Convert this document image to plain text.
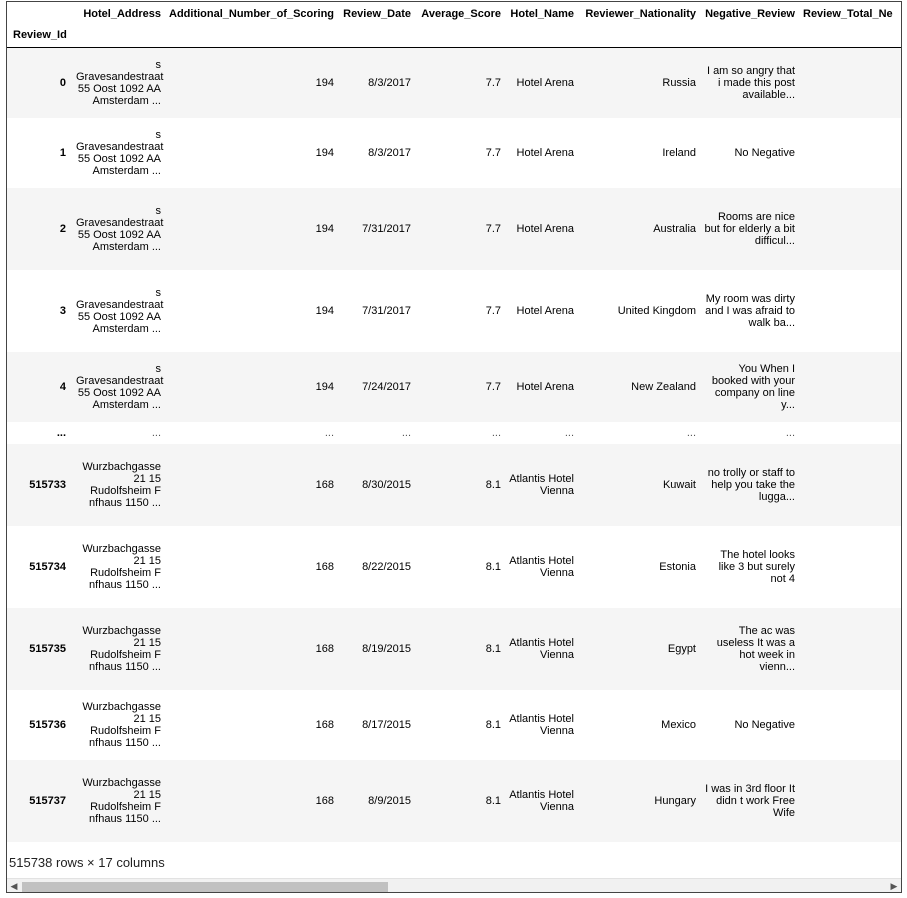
	Hotel_Address	Additional_Number_of_Scoring	Review_Date	Average_Score	Hotel_Name	Reviewer_Nationality	Negative_Review	Review_Total_Ne
Review_Id								
0	s Gravesandestraat 55 Oost 1092 AA Amsterdam ...	194	8/3/2017	7.7	Hotel Arena	Russia	I am so angry that i made this post available...	
1	s Gravesandestraat 55 Oost 1092 AA Amsterdam ...	194	8/3/2017	7.7	Hotel Arena	Ireland	No Negative	
2	s Gravesandestraat 55 Oost 1092 AA Amsterdam ...	194	7/31/2017	7.7	Hotel Arena	Australia	Rooms are nice but for elderly a bit difficul...	
3	s Gravesandestraat 55 Oost 1092 AA Amsterdam ...	194	7/31/2017	7.7	Hotel Arena	United Kingdom	My room was dirty and I was afraid to walk ba...	
4	s Gravesandestraat 55 Oost 1092 AA Amsterdam ...	194	7/24/2017	7.7	Hotel Arena	New Zealand	You When I booked with your company on line y...	
...	...	...	...	...	...	...	...	
515733	Wurzbachgasse 21 15 Rudolfsheim F nfhaus 1150 ...	168	8/30/2015	8.1	Atlantis Hotel Vienna	Kuwait	no trolly or staff to help you take the lugga...	
515734	Wurzbachgasse 21 15 Rudolfsheim F nfhaus 1150 ...	168	8/22/2015	8.1	Atlantis Hotel Vienna	Estonia	The hotel looks like 3 but surely not 4	
515735	Wurzbachgasse 21 15 Rudolfsheim F nfhaus 1150 ...	168	8/19/2015	8.1	Atlantis Hotel Vienna	Egypt	The ac was useless It was a hot week in vienn...	
515736	Wurzbachgasse 21 15 Rudolfsheim F nfhaus 1150 ...	168	8/17/2015	8.1	Atlantis Hotel Vienna	Mexico	No Negative	
515737	Wurzbachgasse 21 15 Rudolfsheim F nfhaus 1150 ...	168	8/9/2015	8.1	Atlantis Hotel Vienna	Hungary	I was in 3rd floor It didn t work Free Wife	
515738 rows × 17 columns
◀	▶
